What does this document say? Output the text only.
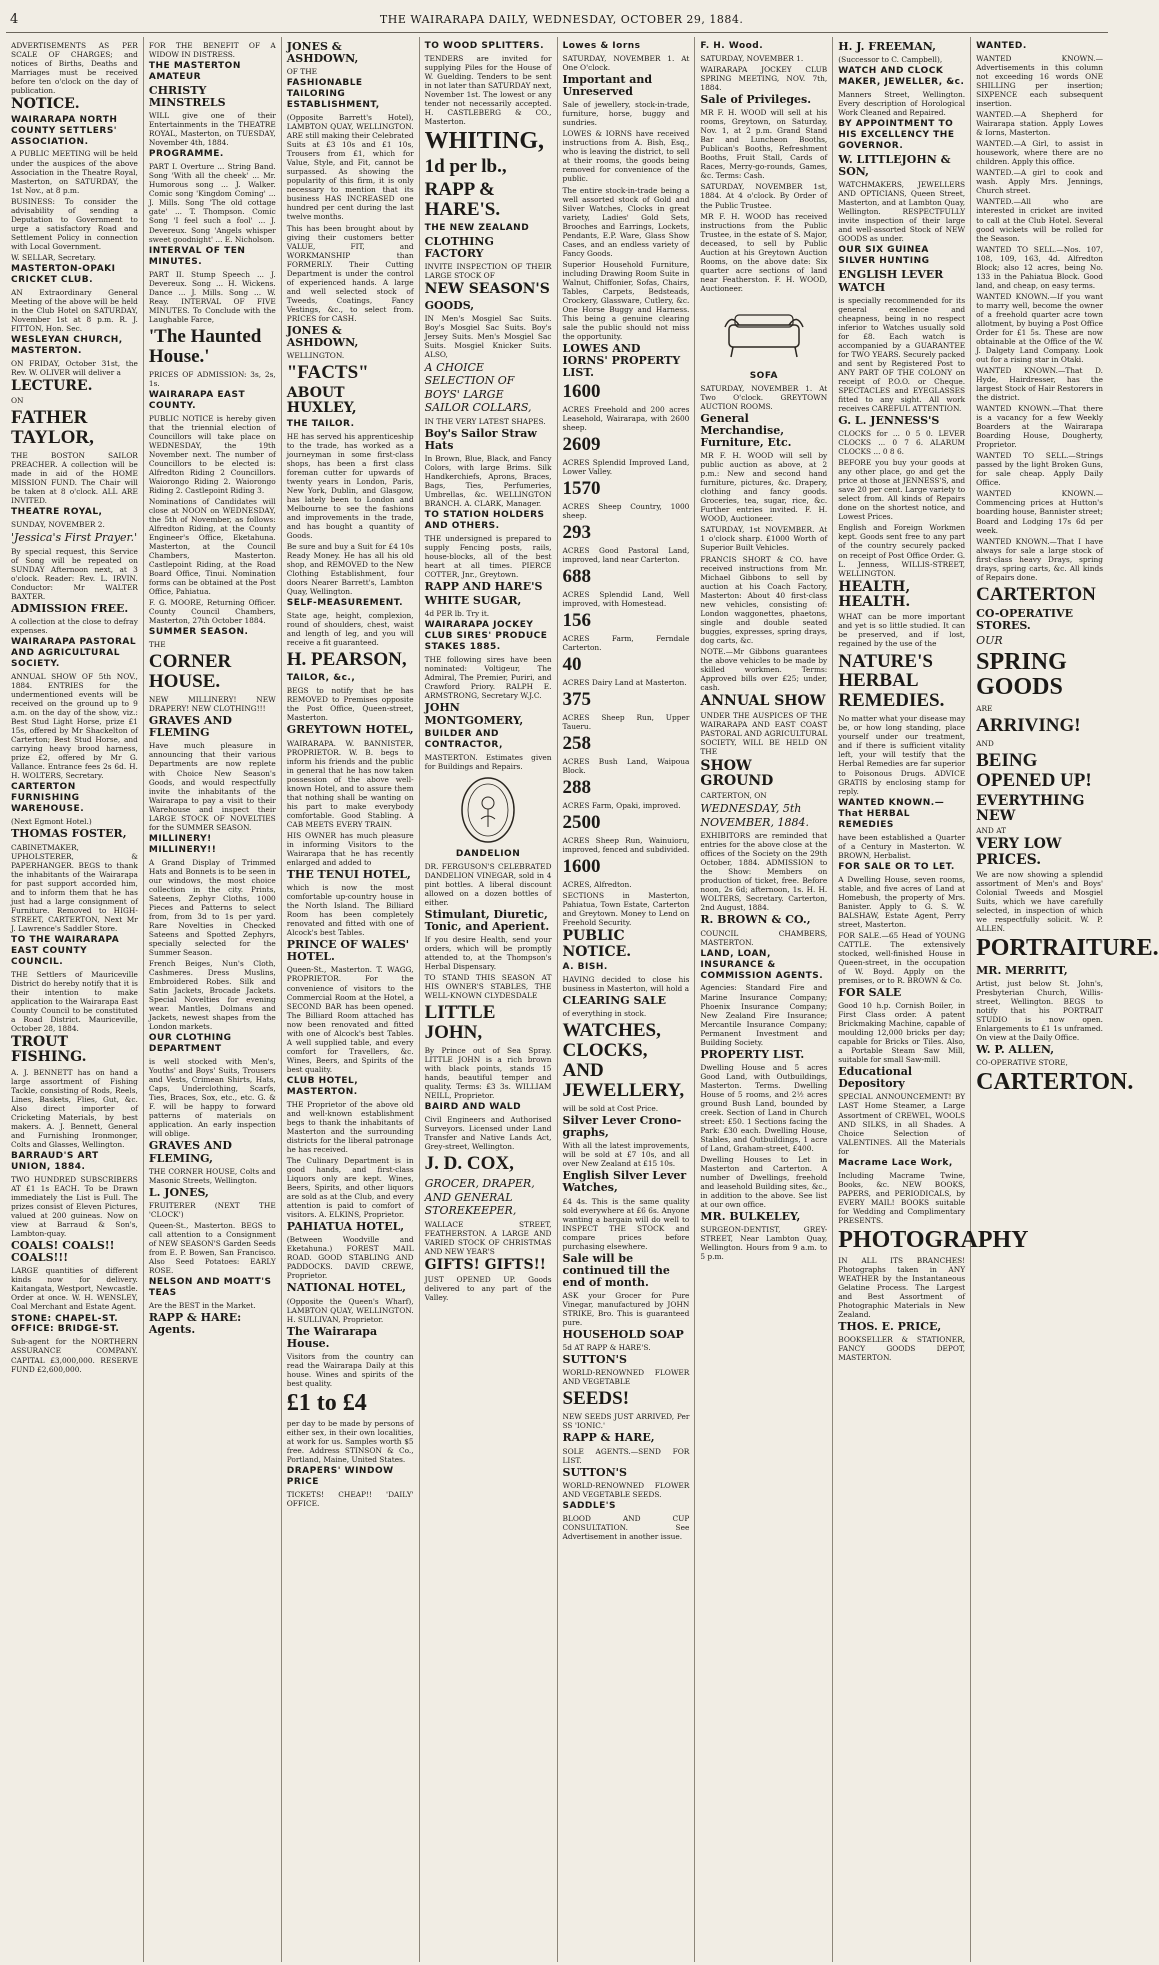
4	THE WAIRARAPA DAILY, WEDNESDAY, OCTOBER 29, 1884.
ADVERTISEMENTS AS PER SCALE OF CHARGES; and notices of Births, Deaths and Marriages must be received before ten o'clock on the day of publication.
NOTICE.
WAIRARAPA NORTH COUNTY SETTLERS' ASSOCIATION.
A PUBLIC MEETING will be held under the auspices of the above Association in the Theatre Royal, Masterton, on SATURDAY, the 1st Nov., at 8 p.m.
BUSINESS: To consider the advisability of sending a Deputation to Government to urge a satisfactory Road and Settlement Policy in connection with Local Government.
W. SELLAR, Secretary.
MASTERTON-OPAKI CRICKET CLUB.
AN Extraordinary General Meeting of the above will be held in the Club Hotel on SATURDAY, November 1st at 8 p.m. R. J. FITTON, Hon. Sec.
WESLEYAN CHURCH, MASTERTON.
ON FRIDAY, October 31st, the Rev. W. OLIVER will deliver a
LECTURE.
ON
FATHER TAYLOR,
THE BOSTON SAILOR PREACHER. A collection will be made in aid of the HOME MISSION FUND. The Chair will be taken at 8 o'clock. ALL ARE INVITED.
THEATRE ROYAL,
SUNDAY, NOVEMBER 2.
'Jessica's First Prayer.'
By special request, this Service of Song will be repeated on SUNDAY Afternoon next, at 3 o'clock. Reader: Rev. L. IRVIN. Conductor: Mr WALTER BAXTER.
ADMISSION FREE.
A collection at the close to defray expenses.
WAIRARAPA PASTORAL AND AGRICULTURAL SOCIETY.
ANNUAL SHOW OF 5th NOV., 1884. ENTRIES for the undermentioned events will be received on the ground up to 9 a.m. on the day of the show, viz.: Best Stud Light Horse, prize £1 15s, offered by Mr Shackelton of Carterton; Best Stud Horse, and carrying heavy brood harness, prize £2, offered by Mr G. Vallance. Entrance fees 2s 6d. H. H. WOLTERS, Secretary.
CARTERTON FURNISHING WAREHOUSE.
(Next Egmont Hotel.)
THOMAS FOSTER,
CABINETMAKER, UPHOLSTERER, & PAPERHANGER. BEGS to thank the inhabitants of the Wairarapa for past support accorded him, and to inform them that he has just had a large consignment of Furniture. Removed to HIGH-STREET, CARTERTON, Next Mr J. Lawrence's Saddler Store.
TO THE WAIRARAPA EAST COUNTY COUNCIL.
THE Settlers of Mauriceville District do hereby notify that it is their intention to make application to the Wairarapa East County Council to be constituted a Road District. Mauriceville, October 28, 1884.
TROUT FISHING.
A. J. BENNETT has on hand a large assortment of Fishing Tackle, consisting of Rods, Reels, Lines, Baskets, Flies, Gut, &c. Also direct importer of Cricketing Materials, by best makers. A. J. Bennett, General and Furnishing Ironmonger, Colts and Glasses, Wellington.
BARRAUD'S ART UNION, 1884.
TWO HUNDRED SUBSCRIBERS AT £1 1s EACH. To be Drawn immediately the List is Full. The prizes consist of Eleven Pictures, valued at 200 guineas. Now on view at Barraud & Son's, Lambton-quay.
COALS! COALS!! COALS!!!
LARGE quantities of different kinds now for delivery. Kaitangata, Westport, Newcastle. Order at once. W. H. WENSLEY, Coal Merchant and Estate Agent.
STONE: CHAPEL-ST. OFFICE: BRIDGE-ST.
Sub-agent for the NORTHERN ASSURANCE COMPANY. CAPITAL £3,000,000. RESERVE FUND £2,600,000.
FOR THE BENEFIT OF A WIDOW IN DISTRESS.
THE MASTERTON AMATEUR
CHRISTY MINSTRELS
WILL give one of their Entertainments in the THEATRE ROYAL, Masterton, on TUESDAY, November 4th, 1884.
PROGRAMME.
PART I. Overture ... String Band. Song 'With all the cheek' ... Mr. Humorous song ... J. Walker. Comic song 'Kingdom Coming' ... J. Mills. Song 'The old cottage gate' ... T. Thompson. Comic Song 'I feel such a fool' ... J. Devereux. Song 'Angels whisper sweet goodnight' ... E. Nicholson.
INTERVAL OF TEN MINUTES.
PART II. Stump Speech ... J. Devereux. Song ... H. Wickens. Dance ... J. Mills. Song ... W. Reay. INTERVAL OF FIVE MINUTES. To Conclude with the Laughable Farce,
'The Haunted House.'
PRICES OF ADMISSION: 3s, 2s, 1s.
WAIRARAPA EAST COUNTY.
PUBLIC NOTICE is hereby given that the triennial election of Councillors will take place on WEDNESDAY, the 19th November next. The number of Councillors to be elected is: Alfredton Riding 2 Councillors. Waiorongo Riding 2. Waiorongo Riding 2. Castlepoint Riding 3.
Nominations of Candidates will close at NOON on WEDNESDAY, the 5th of November, as follows: Alfredton Riding, at the County Engineer's Office, Eketahuna. Masterton, at the Council Chambers, Masterton. Castlepoint Riding, at the Road Board Office, Tinui. Nomination forms can be obtained at the Post Office, Pahiatua.
F. G. MOORE, Returning Officer. County Council Chambers, Masterton, 27th October 1884.
SUMMER SEASON.
THE
CORNER HOUSE.
NEW MILLINERY! NEW DRAPERY! NEW CLOTHING!!!
GRAVES AND FLEMING
Have much pleasure in announcing that their various Departments are now replete with Choice New Season's Goods, and would respectfully invite the inhabitants of the Wairarapa to pay a visit to their Warehouse and inspect their LARGE STOCK OF NOVELTIES for the SUMMER SEASON.
MILLINERY! MILLINERY!!
A Grand Display of Trimmed Hats and Bonnets is to be seen in our windows, the most choice collection in the city. Prints, Sateens, Zephyr Cloths, 1000 Pieces and Patterns to select from, from 3d to 1s per yard. Rare Novelties in Checked Sateens and Spotted Zephyrs, specially selected for the Summer Season.
French Beiges, Nun's Cloth, Cashmeres. Dress Muslins, Embroidered Robes. Silk and Satin Jackets, Brocade Jackets. Special Novelties for evening wear. Mantles, Dolmans and Jackets, newest shapes from the London markets.
OUR CLOTHING DEPARTMENT
is well stocked with Men's, Youths' and Boys' Suits, Trousers and Vests, Crimean Shirts, Hats, Caps, Underclothing, Scarfs, Ties, Braces, Sox, etc., etc. G. & F. will be happy to forward patterns of materials on application. An early inspection will oblige.
GRAVES AND FLEMING,
THE CORNER HOUSE, Colts and Masonic Streets, Wellington.
L. JONES,
FRUITERER (NEXT THE 'CLOCK')
Queen-St., Masterton. BEGS to call attention to a Consignment of NEW SEASON'S Garden Seeds from E. P. Bowen, San Francisco. Also Seed Potatoes: EARLY ROSE.
NELSON AND MOATT'S TEAS
Are the BEST in the Market.
RAPP & HARE: Agents.
JONES & ASHDOWN,
OF THE
FASHIONABLE TAILORING ESTABLISHMENT,
(Opposite Barrett's Hotel), LAMBTON QUAY, WELLINGTON. ARE still making their Celebrated Suits at £3 10s and £1 10s, Trousers from £1, which for Value, Style, and Fit, cannot be surpassed. As showing the popularity of this firm, it is only necessary to mention that its business HAS INCREASED one hundred per cent during the last twelve months.
This has been brought about by giving their customers better VALUE, FIT, and WORKMANSHIP than FORMERLY. Their Cutting Department is under the control of experienced hands. A large and well selected stock of Tweeds, Coatings, Fancy Vestings, &c., to select from. PRICES for CASH.
JONES & ASHDOWN,
WELLINGTON.
"FACTS"
ABOUT HUXLEY,
THE TAILOR.
HE has served his apprenticeship to the trade, has worked as a journeyman in some first-class shops, has been a first class foreman cutter for upwards of twenty years in London, Paris, New York, Dublin, and Glasgow, has lately been to London and Melbourne to see the fashions and improvements in the trade, and has bought a quantity of Goods.
Be sure and buy a Suit for £4 10s Ready Money. He has all his old shop, and REMOVED to the New Clothing Establishment, four doors Nearer Barrett's, Lambton Quay, Wellington.
SELF-MEASUREMENT.
State age, height, complexion, round of shoulders, chest, waist and length of leg, and you will receive a fit guaranteed.
H. PEARSON,
TAILOR, &c.,
BEGS to notify that he has REMOVED to Premises opposite the Post Office, Queen-street, Masterton.
GREYTOWN HOTEL,
WAIRARAPA. W. BANNISTER, PROPRIETOR. W. B. begs to inform his friends and the public in general that he has now taken possession of the above well-known Hotel, and to assure them that nothing shall be wanting on his part to make everybody comfortable. Good Stabling. A CAB MEETS EVERY TRAIN.
HIS OWNER has much pleasure in informing Visitors to the Wairarapa that he has recently enlarged and added to
THE TENUI HOTEL,
which is now the most comfortable up-country house in the North Island. The Billiard Room has been completely renovated and fitted with one of Alcock's best Tables.
PRINCE OF WALES' HOTEL.
Queen-St., Masterton. T. WAGG, PROPRIETOR. For the convenience of visitors to the Commercial Room at the Hotel, a SECOND BAR has been opened. The Billiard Room attached has now been renovated and fitted with one of Alcock's best Tables. A well supplied table, and every comfort for Travellers, &c. Wines, Beers, and Spirits of the best quality.
CLUB HOTEL, MASTERTON.
THE Proprietor of the above old and well-known establishment begs to thank the inhabitants of Masterton and the surrounding districts for the liberal patronage he has received.
The Culinary Department is in good hands, and first-class Liquors only are kept. Wines, Beers, Spirits, and other liquors are sold as at the Club, and every attention is paid to comfort of visitors. A. ELKINS, Proprietor.
PAHIATUA HOTEL,
(Between Woodville and Eketahuna.) FOREST MAIL ROAD. GOOD STABLING AND PADDOCKS. DAVID CREWE, Proprietor.
NATIONAL HOTEL,
(Opposite the Queen's Wharf), LAMBTON QUAY, WELLINGTON. H. SULLIVAN, Proprietor.
The Wairarapa House.
Visitors from the country can read the Wairarapa Daily at this house. Wines and spirits of the best quality.
£1 to £4
per day to be made by persons of either sex, in their own localities, at work for us. Samples worth $5 free. Address STINSON & Co., Portland, Maine, United States.
DRAPERS' WINDOW PRICE
TICKETS! CHEAP!! 'DAILY' OFFICE.
TO WOOD SPLITTERS.
TENDERS are invited for supplying Piles for the House of W. Guelding. Tenders to be sent in not later than SATURDAY next, November 1st. The lowest or any tender not necessarily accepted. H. CASTLEBERG & CO., Masterton.
WHITING,
1d per lb.,
RAPP & HARE'S.
THE NEW ZEALAND
CLOTHING FACTORY
INVITE INSPECTION OF THEIR LARGE STOCK OF
NEW SEASON'S
GOODS,
IN Men's Mosgiel Sac Suits. Boy's Mosgiel Sac Suits. Boy's Jersey Suits. Men's Mosgiel Sac Suits. Mosgiel Knicker Suits. ALSO,
A CHOICE SELECTION OF BOYS' LARGE SAILOR COLLARS,
IN THE VERY LATEST SHAPES.
Boy's Sailor Straw Hats
In Brown, Blue, Black, and Fancy Colors, with large Brims. Silk Handkerchiefs, Aprons, Braces, Bags, Ties, Perfumeries, Umbrellas, &c. WELLINGTON BRANCH. A. CLARK, Manager.
TO STATION HOLDERS AND OTHERS.
THE undersigned is prepared to supply Fencing posts, rails, house-blocks, all of the best heart at all times. PIERCE COTTER, Jnr., Greytown.
RAPP AND HARE'S
WHITE SUGAR,
4d PER lb. Try it.
WAIRARAPA JOCKEY CLUB SIRES' PRODUCE STAKES 1885.
THE following sires have been nominated: Voltigeur, The Admiral, The Premier, Puriri, and Crawford Priory. RALPH E. ARMSTRONG, Secretary W.J.C.
JOHN MONTGOMERY,
BUILDER AND CONTRACTOR,
MASTERTON. Estimates given for Buildings and Repairs.
DANDELION
DR. FERGUSON'S CELEBRATED DANDELION VINEGAR, sold in 4 pint bottles. A liberal discount allowed on a dozen bottles of either.
Stimulant, Diuretic, Tonic, and Aperient.
If you desire Health, send your orders, which will be promptly attended to, at the Thompson's Herbal Dispensary.
TO STAND THIS SEASON AT HIS OWNER'S STABLES, THE WELL-KNOWN CLYDESDALE
LITTLE JOHN,
By Prince out of Sea Spray. LITTLE JOHN is a rich brown with black points, stands 15 hands, beautiful temper and quality. Terms: £3 3s. WILLIAM NEILL, Proprietor.
BAIRD AND WALD
Civil Engineers and Authorised Surveyors. Licensed under Land Transfer and Native Lands Act, Grey-street, Wellington.
J. D. COX,
GROCER, DRAPER, AND GENERAL STOREKEEPER,
WALLACE STREET, FEATHERSTON. A LARGE AND VARIED STOCK OF CHRISTMAS AND NEW YEAR'S
GIFTS! GIFTS!!
JUST OPENED UP. Goods delivered to any part of the Valley.
Lowes & Iorns
SATURDAY, NOVEMBER 1. At One O'clock.
Important and Unreserved
Sale of jewellery, stock-in-trade, furniture, horse, buggy and sundries.
LOWES & IORNS have received instructions from A. Bish, Esq., who is leaving the district, to sell at their rooms, the goods being removed for convenience of the public.
The entire stock-in-trade being a well assorted stock of Gold and Silver Watches, Clocks in great variety, Ladies' Gold Sets, Brooches and Earrings, Lockets, Pendants, E.P. Ware, Glass Show Cases, and an endless variety of Fancy Goods.
Superior Household Furniture, including Drawing Room Suite in Walnut, Chiffonier, Sofas, Chairs, Tables, Carpets, Bedsteads, Crockery, Glassware, Cutlery, &c. One Horse Buggy and Harness. This being a genuine clearing sale the public should not miss the opportunity.
LOWES AND IORNS' PROPERTY LIST.
1600
ACRES Freehold and 200 acres Leasehold, Wairarapa, with 2600 sheep.
2609
ACRES Splendid Improved Land, Lower Valley.
1570
ACRES Sheep Country, 1000 sheep.
293
ACRES Good Pastoral Land, improved, land near Carterton.
688
ACRES Splendid Land, Well improved, with Homestead.
156
ACRES Farm, Ferndale Carterton.
40
ACRES Dairy Land at Masterton.
375
ACRES Sheep Run, Upper Taueru.
258
ACRES Bush Land, Waipoua Block.
288
ACRES Farm, Opaki, improved.
2500
ACRES Sheep Run, Wainuioru, improved, fenced and subdivided.
1600
ACRES, Alfredton.
SECTIONS in Masterton, Pahiatua, Town Estate, Carterton and Greytown. Money to Lend on Freehold Security.
PUBLIC NOTICE.
A. BISH.
HAVING decided to close his business in Masterton, will hold a
CLEARING SALE
of everything in stock.
WATCHES, CLOCKS, AND JEWELLERY,
will be sold at Cost Price.
Silver Lever Crono-graphs,
With all the latest improvements, will be sold at £7 10s, and all over New Zealand at £15 10s.
English Silver Lever Watches,
£4 4s. This is the same quality sold everywhere at £6 6s. Anyone wanting a bargain will do well to INSPECT THE STOCK and compare prices before purchasing elsewhere.
Sale will be continued till the end of month.
ASK your Grocer for Pure Vinegar, manufactured by JOHN STRIKE, Bro. This is guaranteed pure.
HOUSEHOLD SOAP
5d AT RAPP & HARE'S.
SUTTON'S
WORLD-RENOWNED FLOWER AND VEGETABLE
SEEDS!
NEW SEEDS JUST ARRIVED, Per SS 'IONIC.'
RAPP & HARE,
SOLE AGENTS.—SEND FOR LIST.
SUTTON'S
WORLD-RENOWNED FLOWER AND VEGETABLE SEEDS.
SADDLE'S
BLOOD AND CUP CONSULTATION. See Advertisement in another issue.
F. H. Wood.
SATURDAY, NOVEMBER 1.
WAIRARAPA JOCKEY CLUB SPRING MEETING, NOV. 7th, 1884.
Sale of Privileges.
MR F. H. WOOD will sell at his rooms, Greytown, on Saturday, Nov. 1, at 2 p.m. Grand Stand Bar and Luncheon Booths, Publican's Booths, Refreshment Booths, Fruit Stall, Cards of Races, Merry-go-rounds, Games, &c. Terms: Cash.
SATURDAY, NOVEMBER 1st, 1884. At 4 o'clock. By Order of the Public Trustee.
MR F. H. WOOD has received instructions from the Public Trustee, in the estate of S. Major, deceased, to sell by Public Auction at his Greytown Auction Rooms, on the above date: Six quarter acre sections of land near Featherston. F. H. WOOD, Auctioneer.
SOFA
SATURDAY, NOVEMBER 1. At Two O'clock. GREYTOWN AUCTION ROOMS.
General Merchandise, Furniture, Etc.
MR F. H. WOOD will sell by public auction as above, at 2 p.m.: New and second hand furniture, pictures, &c. Drapery, clothing and fancy goods. Groceries, tea, sugar, rice, &c. Further entries invited. F. H. WOOD, Auctioneer.
SATURDAY, 1st NOVEMBER. At 1 o'clock sharp. £1000 Worth of Superior Built Vehicles.
FRANCIS SHORT & CO. have received instructions from Mr. Michael Gibbons to sell by auction at his Coach Factory, Masterton: About 40 first-class new vehicles, consisting of: London waggonettes, phaetons, single and double seated buggies, expresses, spring drays, dog carts, &c.
NOTE.—Mr Gibbons guarantees the above vehicles to be made by skilled workmen. Terms: Approved bills over £25; under, cash.
ANNUAL SHOW
UNDER THE AUSPICES OF THE WAIRARAPA AND EAST COAST PASTORAL AND AGRICULTURAL SOCIETY, WILL BE HELD ON THE
SHOW GROUND
CARTERTON, ON
WEDNESDAY, 5th NOVEMBER, 1884.
EXHIBITORS are reminded that entries for the above close at the offices of the Society on the 29th October, 1884. ADMISSION to the Show: Members on production of ticket, free. Before noon, 2s 6d; afternoon, 1s. H. H. WOLTERS, Secretary. Carterton, 2nd August, 1884.
R. BROWN & CO.,
COUNCIL CHAMBERS, MASTERTON.
LAND, LOAN, INSURANCE & COMMISSION AGENTS.
Agencies: Standard Fire and Marine Insurance Company; Phoenix Insurance Company; New Zealand Fire Insurance; Mercantile Insurance Company; Permanent Investment and Building Society.
PROPERTY LIST.
Dwelling House and 5 acres Good Land, with Outbuildings, Masterton. Terms. Dwelling House of 5 rooms, and 2½ acres ground Bush Land, bounded by creek. Section of Land in Church street: £50. 1 Sections facing the Park: £30 each. Dwelling House, Stables, and Outbuildings, 1 acre of Land, Graham-street, £400.
Dwelling Houses to Let in Masterton and Carterton. A number of Dwellings, freehold and leasehold Building sites, &c., in addition to the above. See list at our own office.
MR. BULKELEY,
SURGEON-DENTIST, GREY-STREET, Near Lambton Quay, Wellington. Hours from 9 a.m. to 5 p.m.
H. J. FREEMAN,
(Successor to C. Campbell),
WATCH AND CLOCK MAKER, JEWELLER, &c.
Manners Street, Wellington. Every description of Horological Work Cleaned and Repaired.
BY APPOINTMENT TO HIS EXCELLENCY THE GOVERNOR.
W. LITTLEJOHN & SON,
WATCHMAKERS, JEWELLERS AND OPTICIANS, Queen Street, Masterton, and at Lambton Quay, Wellington. RESPECTFULLY invite inspection of their large and well-assorted Stock of NEW GOODS as under.
OUR SIX GUINEA SILVER HUNTING
ENGLISH LEVER WATCH
is specially recommended for its general excellence and cheapness, being in no respect inferior to Watches usually sold for £8. Each watch is accompanied by a GUARANTEE for TWO YEARS. Securely packed and sent by Registered Post to ANY PART OF THE COLONY on receipt of P.O.O. or Cheque. SPECTACLES and EYEGLASSES fitted to any sight. All work receives CAREFUL ATTENTION.
G. L. JENNESS'S
CLOCKS for ... 0 5 0. LEVER CLOCKS ... 0 7 6. ALARUM CLOCKS ... 0 8 6.
BEFORE you buy your goods at any other place, go and get the price at those at JENNESS'S, and save 20 per cent. Large variety to select from. All kinds of Repairs done on the shortest notice, and Lowest Prices.
English and Foreign Workmen kept. Goods sent free to any part of the country securely packed on receipt of Post Office Order. G. L. Jenness, WILLIS-STREET, WELLINGTON.
HEALTH, HEALTH.
WHAT can be more important and yet is so little studied. It can be preserved, and if lost, regained by the use of the
NATURE'S HERBAL REMEDIES.
No matter what your disease may be, or how long standing, place yourself under our treatment, and if there is sufficient vitality left, your will testify that the Herbal Remedies are far superior to Poisonous Drugs. ADVICE GRATIS by enclosing stamp for reply.
WANTED KNOWN.—That HERBAL REMEDIES
have been established a Quarter of a Century in Masterton. W. BROWN, Herbalist.
FOR SALE OR TO LET.
A Dwelling House, seven rooms, stable, and five acres of Land at Homebush, the property of Mrs. Banister. Apply to G. S. W. BALSHAW, Estate Agent, Perry street, Masterton.
FOR SALE.—65 Head of YOUNG CATTLE. The extensively stocked, well-finished House in Queen-street, in the occupation of W. Boyd. Apply on the premises, or to R. BROWN & Co.
FOR SALE
Good 10 h.p. Cornish Boiler, in First Class order. A patent Brickmaking Machine, capable of moulding 12,000 bricks per day; capable for Bricks or Tiles. Also, a Portable Steam Saw Mill, suitable for small Saw-mill.
Educational Depository
SPECIAL ANNOUNCEMENT! BY LAST Home Steamer, a Large Assortment of CREWEL, WOOLS AND SILKS, in all Shades. A Choice Selection of VALENTINES. All the Materials for
Macrame Lace Work,
Including Macrame Twine, Books, &c. NEW BOOKS, PAPERS, and PERIODICALS, by EVERY MAIL! BOOKS suitable for Wedding and Complimentary PRESENTS.
PHOTOGRAPHY
IN ALL ITS BRANCHES! Photographs taken in ANY WEATHER by the Instantaneous Gelatine Process. The Largest and Best Assortment of Photographic Materials in New Zealand.
THOS. E. PRICE,
BOOKSELLER & STATIONER, FANCY GOODS DEPOT, MASTERTON.
WANTED.
WANTED KNOWN.—Advertisements in this column not exceeding 16 words ONE SHILLING per insertion; SIXPENCE each subsequent insertion.
WANTED.—A Shepherd for Wairarapa station. Apply Lowes & Iorns, Masterton.
WANTED.—A Girl, to assist in housework, where there are no children. Apply this office.
WANTED.—A girl to cook and wash. Apply Mrs. Jennings, Church street.
WANTED.—All who are interested in cricket are invited to call at the Club Hotel. Several good wickets will be rolled for the Season.
WANTED TO SELL.—Nos. 107, 108, 109, 163, 4d. Alfredton Block; also 12 acres, being No. 133 in the Pahiatua Block. Good land, and cheap, on easy terms.
WANTED KNOWN.—If you want to marry well, become the owner of a freehold quarter acre town allotment, by buying a Post Office Order for £1 5s. These are now obtainable at the Office of the W. J. Dalgety Land Company. Look out for a rising star in Otaki.
WANTED KNOWN.—That D. Hyde, Hairdresser, has the largest Stock of Hair Restorers in the district.
WANTED KNOWN.—That there is a vacancy for a few Weekly Boarders at the Wairarapa Boarding House, Dougherty, Proprietor.
WANTED TO SELL.—Strings passed by the light Broken Guns, for sale cheap. Apply Daily Office.
WANTED KNOWN.—Commencing prices at Hutton's boarding house, Bannister street; Board and Lodging 17s 6d per week.
WANTED KNOWN.—That I have always for sale a large stock of first-class heavy Drays, spring drays, spring carts, &c. All kinds of Repairs done.
CARTERTON
CO-OPERATIVE STORES.
OUR
SPRING GOODS
ARE
ARRIVING!
AND
BEING OPENED UP!
EVERYTHING NEW
AND AT
VERY LOW PRICES.
We are now showing a splendid assortment of Men's and Boys' Colonial Tweeds and Mosgiel Suits, which we have carefully selected, in inspection of which we respectfully solicit. W. P. ALLEN.
PORTRAITURE.
MR. MERRITT,
Artist, just below St. John's, Presbyterian Church, Willis-street, Wellington. BEGS to notify that his PORTRAIT STUDIO is now open. Enlargements to £1 1s unframed. On view at the Daily Office.
W. P. ALLEN,
CO-OPERATIVE STORE,
CARTERTON.
